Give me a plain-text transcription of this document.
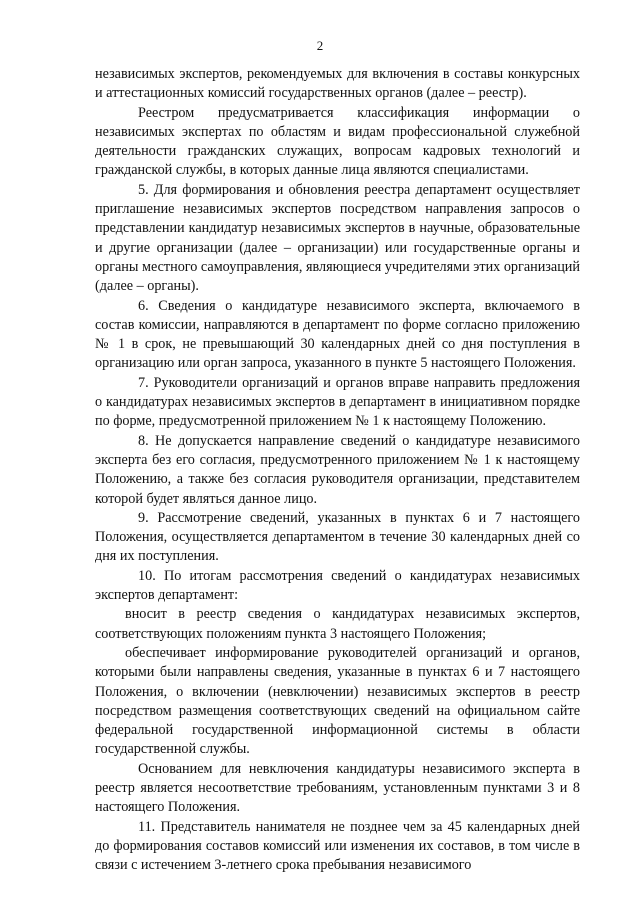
2

независимых экспертов, рекомендуемых для включения в составы конкурсных и аттестационных комиссий государственных органов (далее – реестр).

Реестром предусматривается классификация информации о независимых экспертах по областям и видам профессиональной служебной деятельности гражданских служащих, вопросам кадровых технологий и гражданской службы, в которых данные лица являются специалистами.

5. Для формирования и обновления реестра департамент осуществляет приглашение независимых экспертов посредством направления запросов о представлении кандидатур независимых экспертов в научные, образовательные и другие организации (далее – организации) или государственные органы и органы местного самоуправления, являющиеся учредителями этих организаций (далее – органы).

6. Сведения о кандидатуре независимого эксперта, включаемого в состав комиссии, направляются в департамент по форме согласно приложению № 1 в срок, не превышающий 30 календарных дней со дня поступления в организацию или орган запроса, указанного в пункте 5 настоящего Положения.

7. Руководители организаций и органов вправе направить предложения о кандидатурах независимых экспертов в департамент в инициативном порядке по форме, предусмотренной приложением № 1 к настоящему Положению.

8. Не допускается направление сведений о кандидатуре независимого эксперта без его согласия, предусмотренного приложением № 1 к настоящему Положению, а также без согласия руководителя организации, представителем которой будет являться данное лицо.

9. Рассмотрение сведений, указанных в пунктах 6 и 7 настоящего Положения, осуществляется департаментом в течение 30 календарных дней со дня их поступления.

10. По итогам рассмотрения сведений о кандидатурах независимых экспертов департамент:

вносит в реестр сведения о кандидатурах независимых экспертов, соответствующих положениям пункта 3 настоящего Положения;

обеспечивает информирование руководителей организаций и органов, которыми были направлены сведения, указанные в пунктах 6 и 7 настоящего Положения, о включении (невключении) независимых экспертов в реестр посредством размещения соответствующих сведений на официальном сайте федеральной государственной информационной системы в области государственной службы.

Основанием для невключения кандидатуры независимого эксперта в реестр является несоответствие требованиям, установленным пунктами 3 и 8 настоящего Положения.

11. Представитель нанимателя не позднее чем за 45 календарных дней до формирования составов комиссий или изменения их составов, в том числе в связи с истечением 3-летнего срока пребывания независимого
